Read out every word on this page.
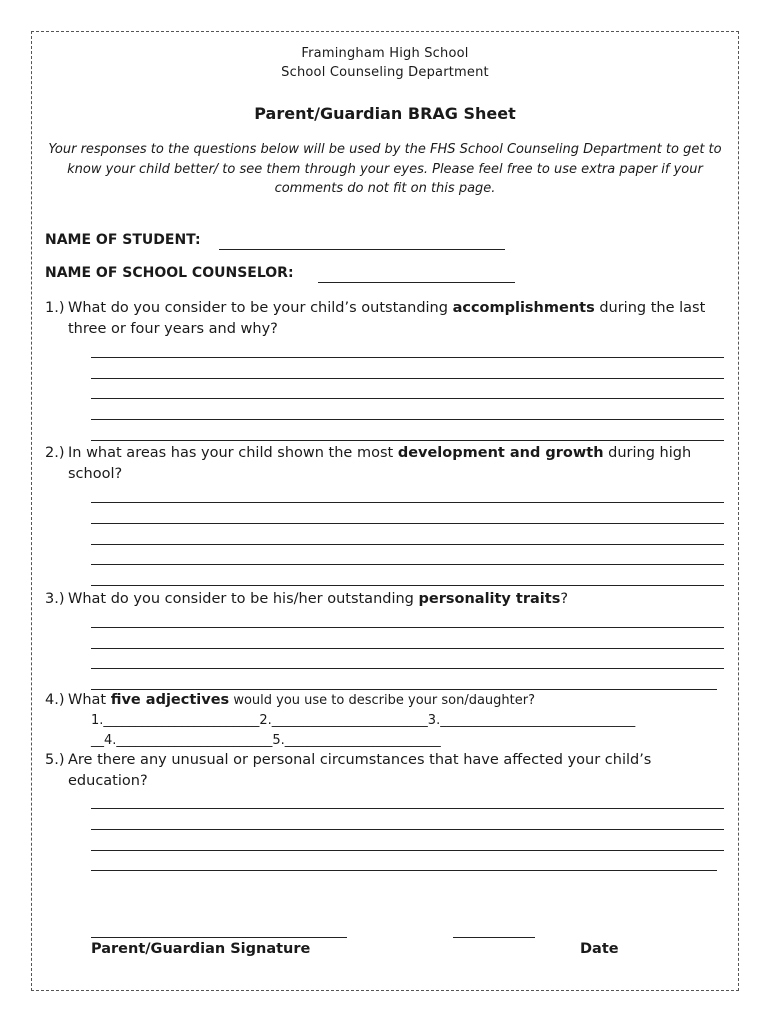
Framingham High School
School Counseling Department
Parent/Guardian BRAG Sheet
Your responses to the questions below will be used by the FHS School Counseling Department to get to know your child better/ to see them through your eyes. Please feel free to use extra paper if your comments do not fit on this page.
NAME OF STUDENT:
NAME OF SCHOOL COUNSELOR:
1.) What do you consider to be your child’s outstanding accomplishments during the last three or four years and why?
2.) In what areas has your child shown the most development and growth during high school?
3.) What do you consider to be his/her outstanding personality traits?
4.) What five adjectives would you use to describe your son/daughter?
1.________________________2.________________________3.______________________________
__4.________________________5.________________________
5.) Are there any unusual or personal circumstances that have affected your child’s education?
Parent/Guardian Signature	Date
